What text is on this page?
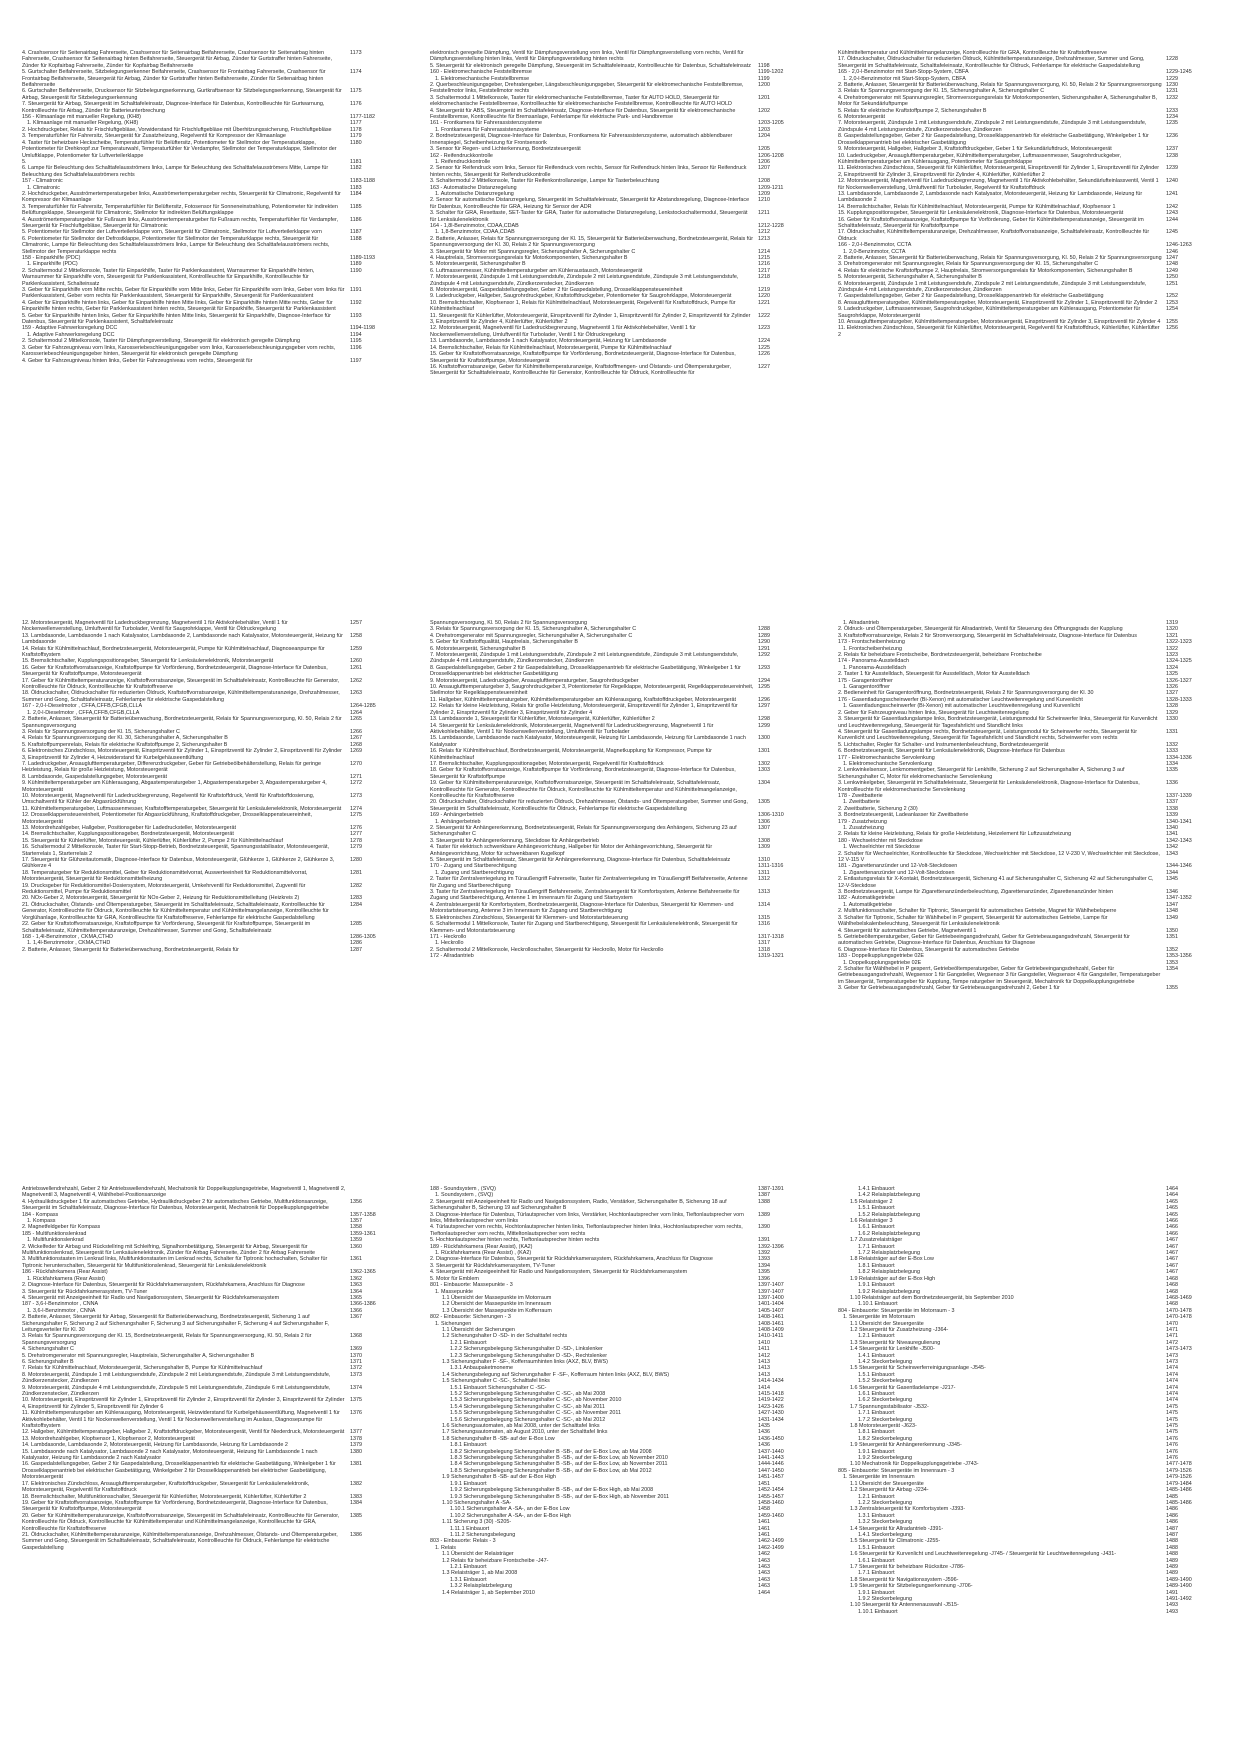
4. Crashsensor für Seitenairbag Fahrerseite, Crashsensor für Seitenairbag Beifahrerseite, Crashsensor für Seitenairbag hinten Fahrerseite, Crashsensor für Seitenairbag hinten Beifahrerseite, Steuergerät für Airbag, Zünder für Gurtstraffer hinten Fahrerseite, Zünder für Kopfairbag Fahrerseite, Zünder für Kopfairbag Beifahrerseite
1173
5. Gurtschalter Beifahrerseite, Sitzbelegungserkenner Beifahrerseite, Crashsensor für Frontairbag Fahrerseite, Crashsensor für Frontairbag Beifahrerseite, Steuergerät für Airbag, Zünder für Gurtstraffer hinten Beifahrerseite, Zünder für Seitenairbag hinten Beifahrerseite
1174
6. Gurtschalter Beifahrerseite, Drucksensor für Sitzbelegungserkennung, Gurtkraftsensor für Sitzbelegungserkennung, Steuergerät für Airbag, Steuergerät für Sitzbelegungserkennung
1175
7. Steuergerät für Airbag, Steuergerät im Schalttafeleinsatz, Diagnose-Interface für Datenbus, Kontrollleuchte für Gurtwarnung, Kontrollleuchte für Airbag, Zünder für Batterieunterbrechung
1176
156 - Klimaanlage mit manueller Regelung, (KH8)	1177-1182
1. Klimaanlage mit manueller Regelung, (KH8)	1177
2. Hochdruckgeber, Relais für Frischluftgebläse, Vorwiderstand für Frischluftgebläse mit Überhitzungssicherung, Frischluftgebläse	1178
3. Temperaturfühler für Fahrersitz, Steuergerät für Zusatzheizung, Regelventil für Kompressor der Klimaanlage	1179
4. Taster für beheizbare Heckscheibe, Temperaturfühler für Belüftersitz, Potentiometer für Stellmotor der Temperaturklappe, Potentiometer für Drehknopf zur Temperaturwahl, Temperaturfühler für Verdampfer, Stellmotor der Temperaturklappe, Stellmotor der Umluftklappe, Potentiometer für Luftverteilerklappe
1180
5.	1181
6. Lampe für Beleuchtung des Schalttafelausströmers links, Lampe für Beleuchtung des Schalttafelausströmers Mitte, Lampe für Beleuchtung des Schalttafelausströmers rechts
1182
157 - Climatronic	1183-1188
1. Climatronic	1183
2. Hochdruckgeber, Ausströmertemperaturgeber links, Ausströmertemperaturgeber rechts, Steuergerät für Climatronic, Regelventil für Kompressor der Klimaanlage
1184
3. Temperaturfühler für Fahrersitz, Temperaturfühler für Belüftersitz, Fotosensor für Sonneneinstrahlung, Potentiometer für indirekten Belüftungsklappe, Steuergerät für Climatronic, Stellmotor für indirekten Belüftungsklappe
1185
4. Ausströmertemperaturgeber für Fußraum links, Ausströmertemperaturgeber für Fußraum rechts, Temperaturfühler für Verdampfer, Steuergerät für Frischluftgebläse, Steuergerät für Climatronic
1186
5. Potentiometer für Stellmotor der Luftverteilerklappe vorn, Steuergerät für Climatronic, Stellmotor für Luftverteilerklappe vorn	1187
6. Potentiometer für Stellmotor der Defrostklappe, Potentiometer für Stellmotor der Temperaturklappe rechts, Steuergerät für Climatronic, Lampe für Beleuchtung des Schalttafelausströmers links, Lampe für Beleuchtung des Schalttafelausströmers rechts, Stellmotor der Temperaturklappe rechts
1188
158 - Einparkhilfe (PDC)	1189-1193
1. Einparkhilfe (PDC)	1189
2. Schaltermodul 2 Mittelkonsole, Taster für Einparkhilfe, Taster für Parklenkassistent, Warnsummer für Einparkhilfe hinten, Warnsummer für Einparkhilfe vorn, Steuergerät für Parklenkassistent, Kontrollleuchte für Einparkhilfe, Kontrollleuchte für Parklenkassistent, Schalteinsatz
1190
3. Geber für Einparkhilfe vorn Mitte rechts, Geber für Einparkhilfe vorn Mitte links, Geber für Einparkhilfe vorn links, Geber vorn links für Parklenkassistent, Geber vorn rechts für Parklenkassistent, Steuergerät für Einparkhilfe, Steuergerät für Parklenkassistent
1191
4. Geber für Einparkhilfe hinten links, Geber für Einparkhilfe hinten Mitte links, Geber für Einparkhilfe hinten Mitte rechts, Geber für Einparkhilfe hinten rechts, Geber für Parklenkassistent hinten rechts, Steuergerät für Einparkhilfe, Steuergerät für Parklenkassistent
1192
5. Geber für Einparkhilfe hinten links, Geber für Einparkhilfe hinten Mitte links, Steuergerät für Einparkhilfe, Diagnose-Interface für Datenbus, Steuergerät für Parklenkassistent, Schalttafeleinsatz
1193
159 - Adaptive Fahrwerksregelung DCC	1194-1198
1. Adaptive Fahrwerksregelung DCC	1194
2. Schaltermodul 2 Mittelkonsole, Taster für Dämpfungsverstellung, Steuergerät für elektronisch geregelte Dämpfung	1195
3. Geber für Fahrzeugniveau vorn links, Karosseriebeschleunigungsgeber vorn links, Karosseriebeschleunigungsgeber vorn rechts, Karosseriebeschleunigungsgeber hinten, Steuergerät für elektronisch geregelte Dämpfung
1196
4. Geber für Fahrzeugniveau hinten links, Geber für Fahrzeugniveau vorn rechts, Steuergerät für	1197
elektronisch geregelte Dämpfung, Ventil für Dämpfungsverstellung vorn links, Ventil für Dämpfungsverstellung vorn rechts, Ventil für Dämpfungsverstellung hinten links, Ventil für Dämpfungsverstellung hinten rechts
5. Steuergerät für elektronisch geregelte Dämpfung, Steuergerät im Schalttafeleinsatz, Kontrollleuchte für Datenbus, Schalttafeleinsatz 1198
160 - Elektromechanische Feststellbremse	1199-1202
1. Elektromechanische Feststellbremse	1199
2. Querbeschleunigungsgeber, Drehratengeber, Längsbeschleunigungsgeber, Steuergerät für elektromechanische Feststellbremse, Feststellmotor links, Feststellmotor rechts
1200
3. Schaltermodul 1 Mittelkonsole, Taster für elektromechanische Feststellbremse, Taster für AUTO HOLD, Steuergerät für elektromechanische Feststellbremse, Kontrollleuchte für elektromechanische Feststellbremse, Kontrollleuchte für AUTO HOLD
1201
4. Steuergerät für ABS, Steuergerät im Schalttafeleinsatz, Diagnose-Interface für Datenbus, Steuergerät für elektromechanische Feststellbremse, Kontrollleuchte für Bremsanlage, Fehlerlampe für elektrische Park- und Handbremse
1202
161 - Frontkamera für Fahrerassistenzsysteme	1203-1205
1. Frontkamera für Fahrerassistenzsysteme	1203
2. Bordnetzsteuergerät, Diagnose-Interface für Datenbus, Frontkamera für Fahrerassistenzsysteme, automatisch abblendbarer Innenspiegel, Scheibenheizung für Frontsensorik
1204
3. Sensor für Regen- und Lichterkennung, Bordnetzsteuergerät	1205
162 - Reifendruckkontrolle	1206-1208
1. Reifendruckkontrolle	1206
2. Sensor für Reifendruck vorn links, Sensor für Reifendruck vorn rechts, Sensor für Reifendruck hinten links, Sensor für Reifendruck hinten rechts, Steuergerät für Reifendruckkontrolle
1207
3. Schaltermodul 2 Mittelkonsole, Taster für Reifenkontrollanzeige, Lampe für Tasterbeleuchtung	1208
163 - Automatische Distanzregelung	1209-1211
1. Automatische Distanzregelung	1209
2. Sensor für automatische Distanzregelung, Steuergerät im Schalttafeleinsatz, Steuergerät für Abstandsregelung, Diagnose-Interface für Datenbus, Kontrollleuchte für GRA, Heizung für Sensor der ADR
1210
3. Schalter für GRA, Resettaste, SET-Taster für GRA, Taster für automatische Distanzregelung, Lenkstockschaltermodul, Steuergerät für Lenksäulenelektronik
1211
164 - 1,8l-Benzinmotor, CDAA,CDAB	1212-1228
1. 1,8-Benzinmotor, CDAA,CDAB	1212
2. Batterie, Anlasser, Relais für Spannungsversorgung der Kl. 15, Steuergerät für Batterieüberwachung, Bordnetzsteuergerät, Relais für Spannungsversorgung der Kl. 30, Relais 2 für Spannungsversorgung
1213
3. Steuergerät für Motor mit Spannungsregler, Sicherungshalter A, Sicherungshalter C	1214
4. Hauptrelais, Stromversorgungsrelais für Motorkomponenten, Sicherungshalter B	1215
5. Motorsteuergerät, Sicherungshalter B	1216
6. Luftmassenmesser, Kühlmitteltemperaturgeber am Kühleraustausch, Motorsteuergerät	1217
7. Motorsteuergerät, Zündspule 1 mit Leistungsendstufe, Zündspule 2 mit Leistungsendstufe, Zündspule 3 mit Leistungsendstufe, Zündspule 4 mit Leistungsendstufe, Zündkerzenstecker, Zündkerzen
1218
8. Motorsteuergerät, Gaspedalstellungsgeber, Geber 2 für Gaspedalstellung, Drosselklappensteuereinheit	1219
9. Ladedruckgeber, Hallgeber, Saugrohrdruckgeber, Kraftstoffdruckgeber, Potentiometer für Saugrohrklappe, Motorsteuergerät	1220
10. Bremslichtschalter, Klopfsensor 1, Relais für Kühlmittelnachlauf, Motorsteuergerät, Regelventil für Kraftstoffdruck, Pumpe für Kühlmittelnachlauf
1221
11. Steuergerät für Kühlerlüfter, Motorsteuergerät, Einspritzventil für Zylinder 1, Einspritzventil für Zylinder 2, Einspritzventil für Zylinder 3, Einspritzventil für Zylinder 4, Kühlerlüfter, Kühlerlüfter 2
1222
12. Motorsteuergerät, Magnetventil für Ladedruckbegrenzung, Magnetventil 1 für Aktivkohlebehälter, Ventil 1 für Nockenwellenverstellung, Umluftventil für Turbolader, Ventil 1 für Öldruckregelung
1223
13. Lambdasonde, Lambdasonde 1 nach Katalysator, Motorsteuergerät, Heizung für Lambdasonde	1224
14. Bremslichtschalter, Relais für Kühlmittelnachlauf, Motorsteuergerät, Pumpe für Kühlmittelnachlauf	1225
15. Geber für Kraftstoffvorratsanzeige, Kraftstoffpumpe für Vorförderung, Bordnetzsteuergerät, Diagnose-Interface für Datenbus, Steuergerät für Kraftstoffpumpe, Motorsteuergerät
1226
16. Kraftstoffvorratsanzeige, Geber für Kühlmitteltemperaturanzeige, Kraftstoffmengen- und Ölstands- und Öltemperaturgeber, Steuergerät für Schalttafeleinsatz, Kontrollleuchte für Generator, Kontrollleuchte für Öldruck, Kontrollleuchte für
1227
Kühlmitteltemperatur und Kühlmittelmangelanzeige, Kontrollleuchte für GRA, Kontrollleuchte für Kraftstoffreserve
17. Öldruckschalter, Öldruckschalter für reduzierten Öldruck, Kühlmitteltemperaturanzeige, Drehzahlmesser, Summer und Gong, Steuergerät im Schalttafeleinsatz, Schalttafeleinsatz, Kontrollleuchte für Öldruck, Fehlerlampe für elektrische Gaspedalstellung
1228
165 - 2,0-l-Benzinmotor mit Start-Stopp-System, CBFA	1229-1245
1. 2,0-l-Benzinmotor mit Start-Stopp-System, CBFA	1229
2. Batterie, Anlasser, Steuergerät für Batterieüberwachung, Relais für Spannungsversorgung, Kl. 50, Relais 2 für Spannungsversorgung 1230
3. Relais für Spannungsversorgung der Kl. 15, Sicherungshalter A, Sicherungshalter C	1231
4. Drehstromgenerator mit Spannungsregler, Stromversorgungsrelais für Motorkomponenten, Sicherungshalter A, Sicherungshalter B, Motor für Sekundärluftpumpe
1232
5. Relais für elektrische Kraftstoffpumpe 2, Sicherungshalter B	1233
6. Motorsteuergerät	1234
7. Motorsteuergerät, Zündspule 1 mit Leistungsendstufe, Zündspule 2 mit Leistungsendstufe, Zündspule 3 mit Leistungsendstufe, Zündspule 4 mit Leistungsendstufe, Zündkerzenstecker, Zündkerzen
1235
8. Gaspedalstellungsgeber, Geber 2 für Gaspedalstellung, Drosselklappenantrieb für elektrische Gasbetätigung, Winkelgeber 1 für Drosselklappenantrieb bei elektrischer Gasbetätigung
1236
9. Motorsteuergerät, Hallgeber, Hallgeber 3, Kraftstoffdruckgeber, Geber 1 für Sekundärluftdruck, Motorsteuergerät	1237
10. Ladedruckgeber, Ansauglufttemperaturgeber, Kühlmitteltemperaturgeber, Luftmassenmesser, Saugrohrdruckgeber, Kühlmitteltemperaturgeber am Kühlerausgang, Potentiometer für Saugrohrklappe
1238
11. Elektronisches Zündschloss, Steuergerät für Kühlerlüfter, Motorsteuergerät, Einspritzventil für Zylinder 1, Einspritzventil für Zylinder 2, Einspritzventil für Zylinder 3, Einspritzventil für Zylinder 4, Kühlerlüfter, Kühlerlüfter 2
1239
12. Motorsteuergerät, Magnetventil für Ladedruckbegrenzung, Magnetventil 1 für Aktivkohlebehälter, Sekundärlufteinlassventil, Ventil 1 für Nockenwellenverstellung, Umluftventil für Turbolader, Regelventil für Kraftstoffdruck
1240
13. Lambdasonde, Lambdasonde 2, Lambdasonde nach Katalysator, Motorsteuergerät, Heizung für Lambdasonde, Heizung für Lambdasonde 2
1241
14. Bremslichtschalter, Relais für Kühlmittelnachlauf, Motorsteuergerät, Pumpe für Kühlmittelnachlauf, Klopfsensor 1	1242
15. Kupplungspositionsgeber, Steuergerät für Lenksäulenelektronik, Diagnose-Interface für Datenbus, Motorsteuergerät	1243
16. Geber für Kraftstoffvorratsanzeige, Kraftstoffpumpe für Vorförderung, Geber für Kühlmitteltemperaturanzeige, Steuergerät im Schalttafeleinsatz, Steuergerät für Kraftstoffpumpe
1244
17. Öldruckschalter, Kühlmitteltemperaturanzeige, Drehzahlmesser, Kraftstoffvorratsanzeige, Schalttafeleinsatz, Kontrollleuchte für Öldruck
1245
166 - 2,0-l-Benzinmotor, CCTA	1246-1263
1. 2,0-Benzinmotor, CCTA	1246
2. Batterie, Anlasser, Steuergerät für Batterieüberwachung, Relais für Spannungsversorgung, Kl. 50, Relais 2 für Spannungsversorgung 1247
3. Drehstromgenerator mit Spannungsregler, Relais für Spannungsversorgung der Kl. 15, Sicherungshalter C	1248
4. Relais für elektrische Kraftstoffpumpe 2, Hauptrelais, Stromversorgungsrelais für Motorkomponenten, Sicherungshalter B	1249
5. Motorsteuergerät, Sicherungshalter A, Sicherungshalter B	1250
6. Motorsteuergerät, Zündspule 1 mit Leistungsendstufe, Zündspule 2 mit Leistungsendstufe, Zündspule 3 mit Leistungsendstufe, Zündspule 4 mit Leistungsendstufe, Zündkerzenstecker, Zündkerzen
1251
7. Gaspedalstellungsgeber, Geber 2 für Gaspedalstellung, Drosselklappenantrieb für elektrische Gasbetätigung	1252
8. Ansauglufttemperaturgeber, Kühlmitteltemperaturgeber, Motorsteuergerät, Einspritzventil für Zylinder 1, Einspritzventil für Zylinder 2 1253
9. Ladedruckgeber, Luftmassenmesser, Saugrohrdruckgeber, Kühlmitteltemperaturgeber am Kühlerausgang, Potentiometer für Saugrohrklappe, Motorsteuergerät
1254
10. Ansauglufttemperaturgeber, Kühlmitteltemperaturgeber, Motorsteuergerät, Einspritzventil für Zylinder 3, Einspritzventil für Zylinder 4 1255
11. Elektronisches Zündschloss, Steuergerät für Kühlerlüfter, Motorsteuergerät, Regelventil für Kraftstoffdruck, Kühlerlüfter, Kühlerlüfter 2
1256
12. Motorsteuergerät, Magnetventil für Ladedruckbegrenzung, Magnetventil 1 für Aktivkohlebehälter, Ventil 1 für Nockenwellenverstellung, Umluftventil für Turbolader, Ventil für Saugrohrklappe, Ventil für Öldruckregelung
1257
13. Lambdasonde, Lambdasonde 1 nach Katalysator, Lambdasonde 2, Lambdasonde nach Katalysator, Motorsteuergerät, Heizung für Lambdasonde
1258
14. Relais für Kühlmittelnachlauf, Bordnetzsteuergerät, Motorsteuergerät, Pumpe für Kühlmittelnachlauf, Diagnoseanpumpe für Kraftstoffsystem
1259
15. Bremslichtschalter, Kupplungspositionsgeber, Steuergerät für Lenksäulenelektronik, Motorsteuergerät	1260
16. Geber für Kraftstoffvorratsanzeige, Kraftstoffpumpe für Vorförderung, Bordnetzsteuergerät, Diagnose-Interface für Datenbus, Steuergerät für Kraftstoffpumpe, Motorsteuergerät
1261
17. Geber für Kühlmitteltemperaturanzeige, Kraftstoffvorratsanzeige, Steuergerät im Schalttafeleinsatz, Kontrollleuchte für Generator, Kontrollleuchte für Öldruck, Kontrollleuchte für Kraftstoffreserve
1262
18. Öldruckschalter, Öldruckschalter für reduzierten Öldruck, Kraftstoffvorratsanzeige, Kühlmitteltemperaturanzeige, Drehzahlmesser, Summer und Gong, Schalttafeleinsatz, Fehlerlampe für elektrische Gaspedalstellung
1263
167 - 2,0-l-Dieselmotor , CFFA,CFFB,CFGB,CLLA	1264-1285
1. 2,0-l-Dieselmotor , CFFA,CFFB,CFGB,CLLA	1264
2. Batterie, Anlasser, Steuergerät für Batterieüberwachung, Bordnetzsteuergerät, Relais für Spannungsversorgung, Kl. 50, Relais 2 für Spannungsversorgung
1265
3. Relais für Spannungsversorgung der Kl. 15, Sicherungshalter C	1266
4. Relais für Spannungsversorgung der Kl. 30, Sicherungshalter A, Sicherungshalter B	1267
5. Kraftstoffpumpenrelais, Relais für elektrische Kraftstoffpumpe 2, Sicherungshalter B	1268
6. Elektronisches Zündschloss, Motorsteuergerät, Einspritzventil für Zylinder 1, Einspritzventil für Zylinder 2, Einspritzventil für Zylinder 3, Einspritzventil für Zylinder 4, Heizwiderstand für Kurbelgehäuseentlüftung
1269
7. Ladedruckgeber, Ansauglufttemperaturgeber, Differenzdruckgeber, Geber für Getriebeölbehälterstellung, Relais für geringe Heizleistung, Relais für große Heizleistung, Motorsteuergerät
1270
8. Lambdasonde, Gaspedalstellungsgeber, Motorsteuergerät	1271
9. Kühlmitteltemperaturgeber am Kühlerausgang, Abgastemperaturgeber 1, Abgastemperaturgeber 3, Abgastemperaturgeber 4, Motorsteuergerät
1272
10. Motorsteuergerät, Magnetventil für Ladedruckbegrenzung, Regelventil für Kraftstoffdruck, Ventil für Kraftstoffdosierung, Umschaltventil für Kühler der Abgasrückführung
1273
11. Kühlmitteltemperaturgeber, Luftmassenmesser, Kraftstofftemperaturgeber, Steuergerät für Lenksäulenelektronik, Motorsteuergerät 1274
12. Drosselklappensteuereinheit, Potentiometer für Abgasrückführung, Kraftstoffdruckgeber, Drosselklappensteuereinheit, Motorsteuergerät
1275
13. Motordrehzahlgeber, Hallgeber, Positionsgeber für Ladedrucksteller, Motorsteuergerät	1276
14. Bremslichtschalter, Kupplungspositionsgeber, Bordnetzsteuergerät, Motorsteuergerät	1277
15. Steuergerät für Kühlerlüfter, Motorsteuergerät, Kühlerlüfter, Kühlerlüfter 2, Pumpe 2 für Kühlmittelnachlauf	1278
16. Schaltermodul 2 Mittelkonsole, Taster für Start-Stopp-Betrieb, Bordnetzsteuergerät, Spannungsstabilisator, Motorsteuergerät, Starterrelais 1, Starterrelais 2
1279
17. Steuergerät für Glühzeitautomatik, Diagnose-Interface für Datenbus, Motorsteuergerät, Glühkerze 1, Glühkerze 2, Glühkerze 3, Glühkerze 4
1280
18. Temperaturgeber für Reduktionsmittel, Geber für Reduktionsmittelvorrat, Auswerteeinheit für Reduktionsmittelvorrat, Motorsteuergerät, Steuergerät für Reduktionsmittelheizung
1281
19. Drucksgeber für Reduktionsmittel-Dosiersystem, Motorsteuergerät, Umkehrventil für Reduktionsmittel, Zugventil für Reduktionsmittel, Pumpe für Reduktionsmittel
1282
20. NOx-Geber 2, Motorsteuergerät, Steuergerät für NOx-Geber 2, Heizung für Reduktionsmittelleitung (Heizkreis 2)	1283
21. Öldruckschalter, Ölstands- und Öltemperaturgeber, Steuergerät im Schalttafeleinsatz, Schalttafeleinsatz, Kontrollleuchte für Generator, Kontrollleuchte für Öldruck, Kontrollleuchte für Kühlmitteltemperatur und Kühlmittelmangelanzeige, Kontrollleuchte für Vorglühanlage, Kontrollleuchte für GRA, Kontrollleuchte für Kraftstoffreserve, Fehlerlampe für elektrische Gaspedalstellung
1284
22. Geber für Kraftstoffvorratsanzeige, Kraftstoffpumpe für Vorförderung, Steuergerät für Kraftstoffpumpe, Steuergerät im Schalttafeleinsatz, Kühlmitteltemperaturanzeige, Drehzahlmesser, Summer und Gong, Schalttafeleinsatz
1285
168 - 1,4l-Benzinmotor , CKMA,CTHD	1286-1305
1. 1,4l-Benzinmotor , CKMA,CTHD	1286
2. Batterie, Anlasser, Steuergerät für Batterieüberwachung, Bordnetzsteuergerät, Relais für	1287
Spannungsversorgung, Kl. 50, Relais 2 für Spannungsversorgung
3. Relais für Spannungsversorgung der Kl. 15, Sicherungshalter A, Sicherungshalter C	1288
4. Drehstromgenerator mit Spannungsregler, Sicherungshalter A, Sicherungshalter C	1289
5. Geber für Kraftstoffqualität, Hauptrelais, Sicherungshalter B	1290
6. Motorsteuergerät, Sicherungshalter B	1291
7. Motorsteuergerät, Zündspule 1 mit Leistungsendstufe, Zündspule 2 mit Leistungsendstufe, Zündspule 3 mit Leistungsendstufe, Zündspule 4 mit Leistungsendstufe, Zündkerzenstecker, Zündkerzen
1292
8. Gaspedalstellungsgeber, Geber 2 für Gaspedalstellung, Drosselklappenantrieb für elektrische Gasbetätigung, Winkelgeber 1 für Drosselklappenantrieb bei elektrischer Gasbetätigung
1293
9. Motorsteuergerät, Ladedruckgeber, Ansauglufttemperaturgeber, Saugrohrdruckgeber	1294
10. Ansauglufttemperaturgeber 3, Saugrohrdruckgeber 3, Potentiometer für Regelklappe, Motorsteuergerät, Regelklappensteuereinheit, Stellmotor für Regelklappensteuereinheit
1295
11. Hallgeber, Kühlmitteltemperaturgeber, Kühlmitteltemperaturgeber am Kühlerausgang, Kraftstoffdruckgeber, Motorsteuergerät	1296
12. Relais für kleine Heizleistung, Relais für große Heizleistung, Motorsteuergerät, Einspritzventil für Zylinder 1, Einspritzventil für Zylinder 2, Einspritzventil für Zylinder 3, Einspritzventil für Zylinder 4
1297
13. Lambdasonde 1, Steuergerät für Kühlerlüfter, Motorsteuergerät, Kühlerlüfter, Kühlerlüfter 2	1298
14. Steuergerät für Lenksäulenelektronik, Motorsteuergerät, Magnetventil für Ladedruckbegrenzung, Magnetventil 1 für Aktivkohlebehälter, Ventil 1 für Nockenwellenverstellung, Umluftventil für Turbolader
1299
15. Lambdasonde, Lambdasonde nach Katalysator, Motorsteuergerät, Heizung für Lambdasonde, Heizung für Lambdasonde 1 nach Katalysator
1300
16. Relais für Kühlmittelnachlauf, Bordnetzsteuergerät, Motorsteuergerät, Magnetkupplung für Kompressor, Pumpe für Kühlmittelnachlauf
1301
17. Bremslichtschalter, Kupplungspositionsgeber, Motorsteuergerät, Regelventil für Kraftstoffdruck	1302
18. Geber für Kraftstoffvorratsanzeige, Kraftstoffpumpe für Vorförderung, Bordnetzsteuergerät, Diagnose-Interface für Datenbus, Steuergerät für Kraftstoffpumpe
1303
19. Geber für Kühlmitteltemperaturanzeige, Kraftstoffvorratsanzeige, Steuergerät im Schalttafeleinsatz, Schalttafeleinsatz, Kontrollleuchte für Generator, Kontrollleuchte für Öldruck, Kontrollleuchte für Kühlmitteltemperatur und Kühlmittelmangelanzeige, Kontrollleuchte für Kraftstoffreserve
1304
20. Öldruckschalter, Öldruckschalter für reduzierten Öldruck, Drehzahlmesser, Ölstands- und Öltemperaturgeber, Summer und Gong, Steuergerät im Schalttafeleinsatz, Kontrollleuchte für Öldruck, Fehlerlampe für elektrische Gaspedalstellung
1305
169 - Anhängerbetrieb	1306-1310
1. Anhängerbetrieb	1306
2. Steuergerät für Anhängererkennung, Bordnetzsteuergerät, Relais für Spannungsversorgung des Anhängers, Sicherung 23 auf Sicherungshalter C
1307
3. Steuergerät für Anhängererkennung, Steckdose für Anhängerbetrieb	1308
4. Taster für elektrisch schwenkbare Anhängevorrichtung, Hallgeber für Motor der Anhängevorrichtung, Steuergerät für Anhängevorrichtung, Motor für schwenkbaren Kugelkopf
1309
5. Steuergerät im Schalttafeleinsatz, Steuergerät für Anhängererkennung, Diagnose-Interface für Datenbus, Schalttafeleinsatz	1310
170 - Zugang und Startberechtigung	1311-1316
1. Zugang und Startberechtigung	1311
2. Taster für Zentralverriegelung im Türaußengriff Fahrerseite, Taster für Zentralverriegelung im Türaußengriff Beifahrerseite, Antenne für Zugang und Startberechtigung
1312
3. Taster für Zentralverriegelung im Türaußengriff Beifahrerseite, Zentralsteuergerät für Komfortsystem, Antenne Beifahrerseite für Zugang und Startberechtigung, Antenne 1 im Innenraum für Zugang und Startsystem
1313
4. Zentralsteuergerät für Komfortsystem, Bordnetzsteuergerät, Diagnose-Interface für Datenbus, Steuergerät für Klemmen- und Motorstartsteuerung, Antenne 3 im Innenraum für Zugang und Startberechtigung
1314
5. Elektronisches Zündschloss, Steuergerät für Klemmen- und Motorstartsteuerung	1315
6. Schaltermodul 1 Mittelkonsole, Taster für Zugang und Startberechtigung, Steuergerät für Lenksäulenelektronik, Steuergerät für Klemmen- und Motorstartsteuerung
1316
171 - Heckrollo	1317-1318
1. Heckrollo	1317
2. Schaltermodul 2 Mittelkonsole, Heckrolloschalter, Steuergerät für Heckrollo, Motor für Heckrollo	1318
172 - Allradantrieb	1319-1321
1. Allradantrieb	1319
2. Öldruck- und Öltemperaturgeber, Steuergerät für Allradantrieb, Ventil für Steuerung des Öffnungsgrads der Kupplung	1320
3. Kraftstoffvorratsanzeige, Relais 2 für Stromversorgung, Steuergerät im Schalttafeleinsatz, Diagnose-Interface für Datenbus	1321
173 - Frontscheibenheizung	1322-1323
1. Frontscheibenheizung	1322
2. Relais für beheizbare Frontscheibe, Bordnetzsteuergerät, beheizbare Frontscheibe	1323
174 - Panorama-Ausstelldach	1324-1325
1. Panorama-Ausstelldach	1324
2. Taster 1 für Ausstelldach, Steuergerät für Ausstelldach, Motor für Ausstelldach	1325
175 - Garagentoröffner	1326-1327
1. Garagentoröffner	1326
2. Bedieneinheit für Garagentoröffnung, Bordnetzsteuergerät, Relais 2 für Spannungsversorgung der Kl. 30	1327
176 - Gasentladungsscheinwerfer (Bi-Xenon) mit automatischer Leuchtweitenregelung und Kurvenlicht	1328-1333
1. Gasentladungsscheinwerfer (Bi-Xenon) mit automatischer Leuchtweitenregelung und Kurvenlicht	1328
2. Geber für Fahrzeugniveau hinten links, Steuergerät für Leuchtweitenregelung	1329
3. Steuergerät für Gasentladungslampe links, Bordnetzsteuergerät, Leistungsmodul für Scheinwerfer links, Steuergerät für Kurvenlicht und Leuchtweitenregelung, Steuergerät für Tagesfahrlicht und Standlicht links
1330
4. Steuergerät für Gasentladungslampe rechts, Bordnetzsteuergerät, Leistungsmodul für Scheinwerfer rechts, Steuergerät für Kurvenlicht und Leuchtweitenregelung, Steuergerät für Tagesfahrlicht und Standlicht rechts, Scheinwerfer vorn rechts
1331
5. Lichtschalter, Regler für Schalter- und Instrumentenbeleuchtung, Bordnetzsteuergerät	1332
6. Bordnetzsteuergerät, Steuergerät für Lenksäulenelektronik, Diagnose-Interface für Datenbus	1333
177 - Elektromechanische Servolenkung	1334-1336
1. Elektromechanische Servolenkung	1334
2. Lenkwinkelsensor, Lenkmomentgeber, Steuergerät für Lenkhilfe, Sicherung 2 auf Sicherungshalter A, Sicherung 3 auf Sicherungshalter C, Motor für elektromechanische Servolenkung
1335
3. Lenkwinkelgeber, Steuergerät im Schalttafeleinsatz, Steuergerät für Lenksäulenelektronik, Diagnose-Interface für Datenbus, Kontrollleuchte für elektromechanische Servolenkung
1336
178 - Zweitbatterie	1337-1339
1. Zweitbatterie	1337
2. Zweitbatterie, Sicherung 2 (30)	1338
3. Bordnetzsteuergerät, Ladeanlasser für Zweitbatterie	1339
179 - Zusatzheizung	1340-1341
1. Zusatzheizung	1340
2. Relais für kleine Heizleistung, Relais für große Heizleistung, Heizelement für Luftzusatzheizung	1341
180 - Wechselrichter mit Steckdose	1342-1343
1. Wechselrichter mit Steckdose	1342
2. Schalter für Wechselrichter, Kontrollleuchte für Steckdose, Wechselrichter mit Steckdose, 12 V-230 V, Wechselrichter mit Steckdose, 12 V-115 V
1343
181 - Zigarettenanzünder und 12-Volt-Steckdosen	1344-1346
1. Zigarettenanzünder und 12-Volt-Steckdosen	1344
2. Entlastungsrelais für X-Kontakt, Bordnetzsteuergerät, Sicherung 41 auf Sicherungshalter C, Sicherung 42 auf Sicherungshalter C, 12-V-Steckdose
1345
3. Bordnetzsteuergerät, Lampe für Zigarettenanzünderbeleuchtung, Zigarettenanzünder, Zigarettenanzünder hinten	1346
182 - Automatikgetriebe	1347-1352
1. Automatikgetriebe	1347
2. Multifunktionsschalter, Schalter für Tiptronic, Steuergerät für automatisches Getriebe, Magnet für Wählhebelsperre	1348
3. Schalter für Tiptronic, Schalter für Wählhebel in P gesperrt, Steuergerät für automatisches Getriebe, Lampe für Wählhebelskalenbeleuchtung, Steuergerät für Lenksäulenelektronik
1349
4. Steuergerät für automatisches Getriebe, Magnetventil 1	1350
5. Getriebeöltemperaturgeber, Geber für Getriebeeingangsdrehzahl, Geber für Getriebeausgangsdrehzahl, Steuergerät für automatisches Getriebe, Diagnose-Interface für Datenbus, Anschluss für Diagnose
1351
6. Diagnose-Interface für Datenbus, Steuergerät für automatisches Getriebe	1352
183 - Doppelkupplungsgetriebe 02E	1353-1356
1. Doppelkupplungsgetriebe 02E	1353
2. Schalter für Wählhebel in P gesperrt, Getriebeöltemperaturgeber, Geber für Getriebeeingangsdrehzahl, Geber für Getriebeausgangsdrehzahl, Wegsensor 1 für Gangsteller, Wegsensor 3 für Gangsteller, Wegsensor 4 für Gangsteller, Temperaturgeber im Steuergerät, Temperaturgeber für Kupplung, Tempe raturgeber im Steuergerät, Mechatronik für Doppelkupplungsgetriebe
1354
3. Geber für Getriebeausgangsdrehzahl, Geber für Getriebeausgangsdrehzahl 2, Geber 1 für	1355
Antriebswellendrehzahl, Geber 2 für Antriebswellendrehzahl, Mechatronik für Doppelkupplungsgetriebe, Magnetventil 1, Magnetventil 2, Magnetventil 3, Magnetventil 4, Wählhebel-Positionsanzeige
4. Hydraulikdruckgeber 1 für automatisches Getriebe, Hydraulikdruckgeber 2 für automatisches Getriebe, Multifunktionsanzeige, Steuergerät im Schalttafeleinsatz, Diagnose-Interface für Datenbus, Motorsteuergerät, Mechatronik für Doppelkupplungsgetriebe
1356
184 - Kompass	1357-1358
1. Kompass	1357
2. Magnetfeldgeber für Kompass	1358
185 - Multifunktionslenkrad	1359-1361
1. Multifunktionslenkrad	1359
2. Wickelfeder für Airbag und Rückstellring mit Schleifring, Signalhornbetätigung, Steuergerät für Airbag, Steuergerät für Multifunktionslenkrad, Steuergerät für Lenksäulenelektronik, Zünder für Airbag Fahrerseite, Zünder 2 für Airbag Fahrerseite
1360
3. Multifunktionstasten im Lenkrad links, Multifunktionstasten im Lenkrad rechts, Schalter für Tiptronic hochschalten, Schalter für Tiptronic herunterschalten, Steuergerät für Multifunktionslenkrad, Steuergerät für Lenksäulenelektronik
1361
186 - Rückfahrkamera (Rear Assist)	1362-1365
1. Rückfahrkamera (Rear Assist)	1362
2. Diagnose-Interface für Datenbus, Steuergerät für Rückfahrkamerasystem, Rückfahrkamera, Anschluss für Diagnose	1363
3. Steuergerät für Rückfahrkamerasystem, TV-Tuner	1364
4. Steuergerät mit Anzeigeeinheit für Radio und Navigationssystem, Steuergerät für Rückfahrkamerasystem	1365
187 - 3,6-l-Benzinmotor , CNNA	1366-1386
1. 3,6-l-Benzinmotor , CNNA	1366
2. Batterie, Anlasser, Steuergerät für Airbag, Steuergerät für Batterieüberwachung, Bordnetzsteuergerät, Sicherung 1 auf Sicherungshalter F, Sicherung 2 auf Sicherungshalter F, Sicherung 3 auf Sicherungshalter F, Sicherung 4 auf Sicherungshalter F, Leitungsverteiler für Kl. 30
1367
3. Relais für Spannungsversorgung der Kl. 15, Bordnetzsteuergerät, Relais für Spannungsversorgung, Kl. 50, Relais 2 für Spannungsversorgung
1368
4. Sicherungshalter C	1369
5. Drehstromgenerator mit Spannungsregler, Hauptrelais, Sicherungshalter A, Sicherungshalter B	1370
6. Sicherungshalter B	1371
7. Relais für Kühlmittelnachlauf, Motorsteuergerät, Sicherungshalter B, Pumpe für Kühlmittelnachlauf	1372
8. Motorsteuergerät, Zündspule 1 mit Leistungsendstufe, Zündspule 2 mit Leistungsendstufe, Zündspule 3 mit Leistungsendstufe, Zündkerzenstecker, Zündkerzen
1373
9. Motorsteuergerät, Zündspule 4 mit Leistungsendstufe, Zündspule 5 mit Leistungsendstufe, Zündspule 6 mit Leistungsendstufe, Zündkerzenstecker, Zündkerzen
1374
10. Motorsteuergerät, Einspritzventil für Zylinder 1, Einspritzventil für Zylinder 2, Einspritzventil für Zylinder 3, Einspritzventil für Zylinder 4, Einspritzventil für Zylinder 5, Einspritzventil für Zylinder 6
1375
11. Kühlmitteltemperaturgeber am Kühlerausgang, Motorsteuergerät, Heizwiderstand für Kurbelgehäuseentlüftung, Magnetventil 1 für Aktivkohlebehälter, Ventil 1 für Nockenwellenverstellung, Ventil 1 für Nockenwellenverstellung im Auslass, Diagnosepumpe für Kraftstoffsystem
1376
12. Hallgeber, Kühlmitteltemperaturgeber, Hallgeber 2, Kraftstoffdruckgeber, Motorsteuergerät, Ventil für Niederdruck, Motorsteuergerät 1377
13. Motordrehzahlgeber, Klopfsensor 1, Klopfsensor 2, Motorsteuergerät	1378
14. Lambdasonde, Lambdasonde 2, Motorsteuergerät, Heizung für Lambdasonde, Heizung für Lambdasonde 2	1379
15. Lambdasonde nach Katalysator, Lambdasonde 2 nach Katalysator, Motorsteuergerät, Heizung für Lambdasonde 1 nach Katalysator, Heizung für Lambdasonde 2 nach Katalysator
1380
16. Gaspedalstellungsgeber, Geber 2 für Gaspedalstellung, Drosselklappenantrieb für elektrische Gasbetätigung, Winkelgeber 1 für Drosselklappenantrieb bei elektrischer Gasbetätigung, Winkelgeber 2 für Drosselklappenantrieb bei elektrischer Gasbetätigung, Motorsteuergerät
1381
17. Elektronisches Zündschloss, Ansauglufttemperaturgeber, Kraftstoffdruckgeber, Steuergerät für Lenksäulenelektronik, Motorsteuergerät, Regelventil für Kraftstoffdruck
1382
18. Bremslichtschalter, Multifunktionsschalter, Steuergerät für Kühlerlüfter, Motorsteuergerät, Kühlerlüfter, Kühlerlüfter 2	1383
19. Geber für Kraftstoffvorratsanzeige, Kraftstoffpumpe für Vorförderung, Bordnetzsteuergerät, Diagnose-Interface für Datenbus, Steuergerät für Kraftstoffpumpe, Motorsteuergerät
1384
20. Geber für Kühlmitteltemperaturanzeige, Kraftstoffvorratsanzeige, Steuergerät im Schalttafeleinsatz, Kontrollleuchte für Generator, Kontrollleuchte für Öldruck, Kontrollleuchte für Kühlmitteltemperatur und Kühlmittelmangelanzeige, Kontrollleuchte für GRA, Kontrollleuchte für Kraftstoffreserve
1385
21. Öldruckschalter, Kühlmitteltemperaturanzeige, Kühlmitteltemperaturanzeige, Drehzahlmesser, Ölstands- und Öltemperaturgeber, Summer und Gong, Steuergerät im Schalttafeleinsatz, Schalttafeleinsatz, Kontrollleuchte für Öldruck, Fehlerlampe für elektrische Gaspedalstellung
1386
188 - Soundsystem , (SVQ)	1387-1391
1. Soundsystem , (SVQ)	1387
2. Steuergerät mit Anzeigeeinheit für Radio und Navigationssystem, Radio, Verstärker, Sicherungshalter B, Sicherung 18 auf Sicherungshalter B, Sicherung 19 auf Sicherungshalter B
1388
3. Diagnose-Interface für Datenbus, Türlautsprecher vorn links, Verstärker, Hochtonlautsprecher vorn links, Tieftonlautsprecher vorn links, Mitteltonlautsprecher vorn links
1389
4. Türlautsprecher vorn rechts, Hochtonlautsprecher hinten links, Tieftonlautsprecher hinten links, Hochtonlautsprecher vorn rechts, Tieftonlautsprecher vorn rechts, Mitteltonlautsprecher vorn rechts
1390
5. Hochtonlautsprecher hinten rechts, Tieftonlautsprecher hinten rechts	1391
189 - Rückfahrkamera (Rear Assist), (KA2)	1392-1396
1. Rückfahrkamera (Rear Assist) , (KA2)	1392
2. Diagnose-Interface für Datenbus, Steuergerät für Rückfahrkamerasystem, Rückfahrkamera, Anschluss für Diagnose	1393
3. Steuergerät für Rückfahrkamerasystem, TV-Tuner	1394
4. Steuergerät mit Anzeigeeinheit für Radio und Navigationssystem, Steuergerät für Rückfahrkamerasystem	1395
5. Motor für Emblem	1396
801 - Einbauorte: Massepunkte - 3	1397-1407
1. Massepunkte	1397-1407
1.1 Übersicht der Massepunkte im Motorraum	1397-1400
1.2 Übersicht der Massepunkte im Innenraum	1401-1404
1.3 Übersicht der Massepunkte im Kofferraum	1405-1407
802 - Einbauorte: Sicherungen - 3	1408-1461
1. Sicherungen	1408-1461
1.1 Übersicht der Sicherungen	1408-1409
1.2 Sicherungshalter D -SD- in der Schalttafel rechts	1410-1411
1.2.1 Einbauort	1410
1.2.2 Sicherungsbelegung Sicherungshalter D -SD-, Linkslenker	1411
1.2.3 Sicherungsbelegung Sicherungshalter D -SD-, Rechtslenker	1412
1.3 Sicherungshalter F -SF-, Kofferraumhinten links (AXZ, BLV, BWS)	1413
1.3.1 Anbaupaketmoneme	1413
1.4 Sicherungsbelegung auf Sicherungshalter F -SF-, Kofferraum hinten links (AXZ, BLV, BWS)	1413
1.5 Sicherungshalter C -SC-, Schalttafel links	1414-1434
1.5.1 Einbauort Sicherungshalter C -SC-	1414
1.5.2 Sicherungsbelegung Sicherungshalter C -SC-, ab Mai 2008	1415-1418
1.5.3 Sicherungsbelegung Sicherungshalter C -SC-, ab November 2010	1419-1422
1.5.4 Sicherungsbelegung Sicherungshalter C -SC-, ab Mai 2011	1423-1426
1.5.5 Sicherungsbelegung Sicherungshalter C -SC-, ab November 2011	1427-1430
1.5.6 Sicherungsbelegung Sicherungshalter C -SC-, ab Mai 2012	1431-1434
1.6 Sicherungsautomaten, ab Mai 2008, unter der Schalttafel links	1435
1.7 Sicherungsautomaten, ab August 2010, unter der Schalttafel links	1436
1.8 Sicherungshalter B -SB- auf der E-Box Low	1436-1450
1.8.1 Einbauort	1436
1.8.2 Sicherungsbelegung Sicherungshalter B -SB-, auf der E-Box Low, ab Mai 2008	1437-1440
1.8.3 Sicherungsbelegung Sicherungshalter B -SB-, auf der E-Box Low, ab November 2010	1441-1443
1.8.4 Sicherungsbelegung Sicherungshalter B -SB-, auf der E-Box Low, ab November 2011	1444-1446
1.8.5 Sicherungsbelegung Sicherungshalter B -SB-, auf der E-Box Low, ab Mai 2012	1447-1450
1.9 Sicherungshalter B -SB- auf der E-Box High	1451-1457
1.9.1 Einbauort	1451
1.9.2 Sicherungsbelegung Sicherungshalter B -SB-, auf der E-Box High, ab Mai 2008	1452-1454
1.9.3 Sicherungsbelegung Sicherungshalter B -SB-, auf der E-Box High, ab November 2011	1455-1457
1.10 Sicherungshalter A -SA-	1458-1460
1.10.1 Sicherungshalter A -SA-, an der E-Box Low	1458
1.10.2 Sicherungshalter A -SA-, an der E-Box High	1459-1460
1.11 Sicherung 3 (30) -S205-	1461
1.11.1 Einbauort	1461
1.11.2 Sicherungsbelegung	1461
803 - Einbauorte: Relais - 3	1462-1499
1. Relais	1462-1499
1.1 Übersicht der Relaisträger	1462
1.2 Relais für beheizbare Frontscheibe -J47-	1463
1.2.1 Einbauort	1463
1.3 Relaisträger 1, ab Mai 2008	1463
1.3.1 Einbauort	1463
1.3.2 Relaisplatzbelegung	1463
1.4 Relaisträger 1, ab September 2010	1464
1.4.1 Einbauort	1464
1.4.2 Relaisplatzbelegung	1464
1.5 Relaisträger 2	1465
1.5.1 Einbauort	1465
1.5.2 Relaisplatzbelegung	1465
1.6 Relaisträger 3	1466
1.6.1 Einbauort	1466
1.6.2 Relaisplatzbelegung	1466
1.7 Zusatzrelaisträger	1467
1.7.1 Einbauort	1467
1.7.2 Relaisplatzbelegung	1467
1.8 Relaisträger auf der E-Box Low	1467
1.8.1 Einbauort	1467
1.8.2 Relaisplatzbelegung	1467
1.9 Relaisträger auf der E-Box High	1468
1.9.1 Einbauort	1468
1.9.2 Relaisplatzbelegung	1468
1.10 Relaisträger auf dem Bordnetzsteuergerät, bis September 2010	1468-1469
1.10.1 Einbauort	1468
804 - Einbauorte: Steuergeräte im Motorraum - 3	1470-1478
1. Steuergeräte im Motorraum	1470-1478
1.1 Übersicht der Steuergeräte	1470
1.2 Steuergerät für Zusatzheizung -J364-	1471
1.2.1 Einbauort	1471
1.3 Steuergerät für Niveauregulierung	1472
1.4 Steuergerät für Lenkhilfe -J500-	1473-1473
1.4.1 Einbauort	1473
1.4.2 Steckerbelegung	1473
1.5 Steuergerät für Scheinwerferreinigungsanlage -J545-	1474
1.5.1 Einbauort	1474
1.5.2 Steckerbelegung	1474
1.6 Steuergerät für Gasentladelampe -J217-	1474
1.6.1 Einbauort	1474
1.6.2 Steckerbelegung	1474
1.7 Spannungsstabilisator -J532-	1475
1.7.1 Einbauort	1475
1.7.2 Steckerbelegung	1475
1.8 Motorsteuergerät -J623-	1475
1.8.1 Einbauort	1475
1.8.2 Steckerbelegung	1476
1.9 Steuergerät für Anhängererkennung -J345-	1476
1.9.1 Einbauort	1476
1.9.2 Steckerbelegung	1476
1.10 Mechatronik für Doppelkupplungsgetriebe -J743-	1477-1478
805 - Einbauorte: Steuergeräte im Innenraum - 3	1479-1526
1. Steuergeräte im Innenraum	1479-1526
1.1 Übersicht der Steuergeräte	1479-1484
1.2 Steuergerät für Airbag -J234-	1485-1486
1.2.1 Einbauort	1485
1.2.2 Steckerbelegung	1485-1486
1.3 Zentralsteuergerät für Komfortsystem -J393-	1486
1.3.1 Einbauort	1486
1.3.2 Steckerbelegung	1486
1.4 Steuergerät für Allradantrieb -J391-	1487
1.4.1 Steckerbelegung	1487
1.5 Steuergerät für Climatronic -J255-	1488
1.5.1 Einbauort	1488
1.6 Steuergerät für Kurvenlicht und Leuchtweitenregelung -J745- / Steuergerät für Leuchtweitenregelung -J431-	1488
1.6.1 Einbauort	1489
1.7 Steuergerät für beheizbare Rücksitze -J786-	1489
1.7.1 Einbauort	1489
1.8 Steuergerät für Navigationssystem -J596-	1489-1490
1.9 Steuergerät für Sitzbelegungserkennung -J706-	1489-1490
1.9.1 Einbauort	1491
1.9.2 Steckerbelegung	1491-1492
1.10 Steuergerät für Antennenauswahl -J515-	1493
1.10.1 Einbauort	1493
